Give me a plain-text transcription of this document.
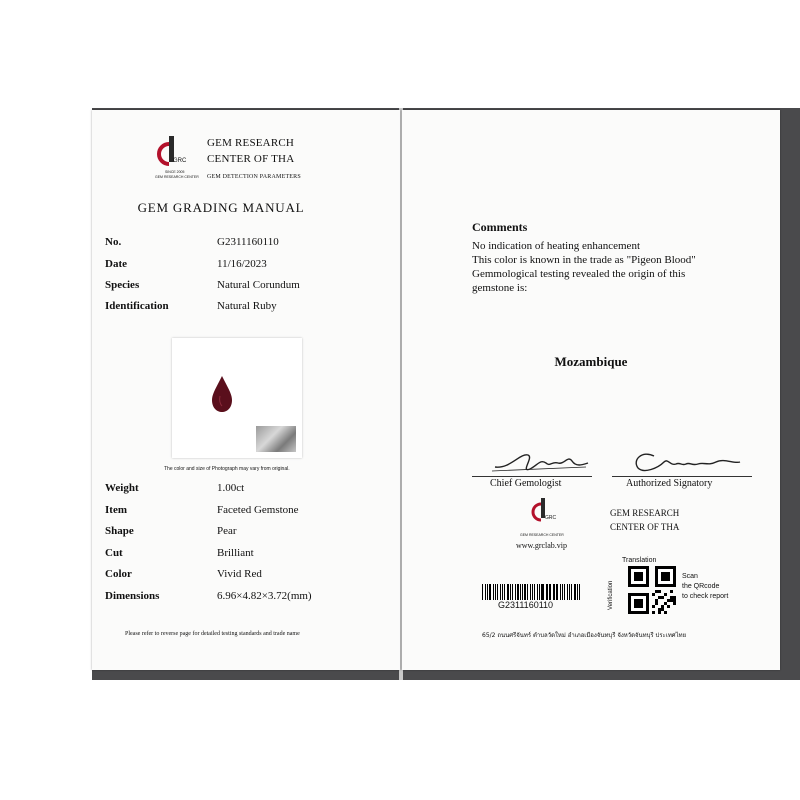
GRC
SINCE 2005
GEM RESEARCH CENTER
GEM RESEARCH
CENTER OF THA
GEM DETECTION PARAMETERS
GEM GRADING MANUAL
No.	G2311160110
Date	11/16/2023
Species	Natural Corundum
Identification	Natural Ruby
The color and size of Photograph may vary from original.
Weight	1.00ct
Item	Faceted Gemstone
Shape	Pear
Cut	Brilliant
Color	Vivid Red
Dimensions	6.96×4.82×3.72(mm)
Please refer to reverse page for detailed testing standards and trade name
Comments
No indication of heating enhancement
This color is known in the trade as "Pigeon Blood"
Gemmological testing revealed the origin of this
gemstone is:
Mozambique
Chief Gemologist	Authorized Signatory
GRC
GEM RESEARCH CENTER
www.grclab.vip
GEM RESEARCH
CENTER OF THA
G2311160110
Translation
Verification
Scan
the QRcode
to check report
65/2 ถนนศรีจันทร์ ตำบลวัดใหม่ อำเภอเมืองจันทบุรี จังหวัดจันทบุรี ประเทศไทย
